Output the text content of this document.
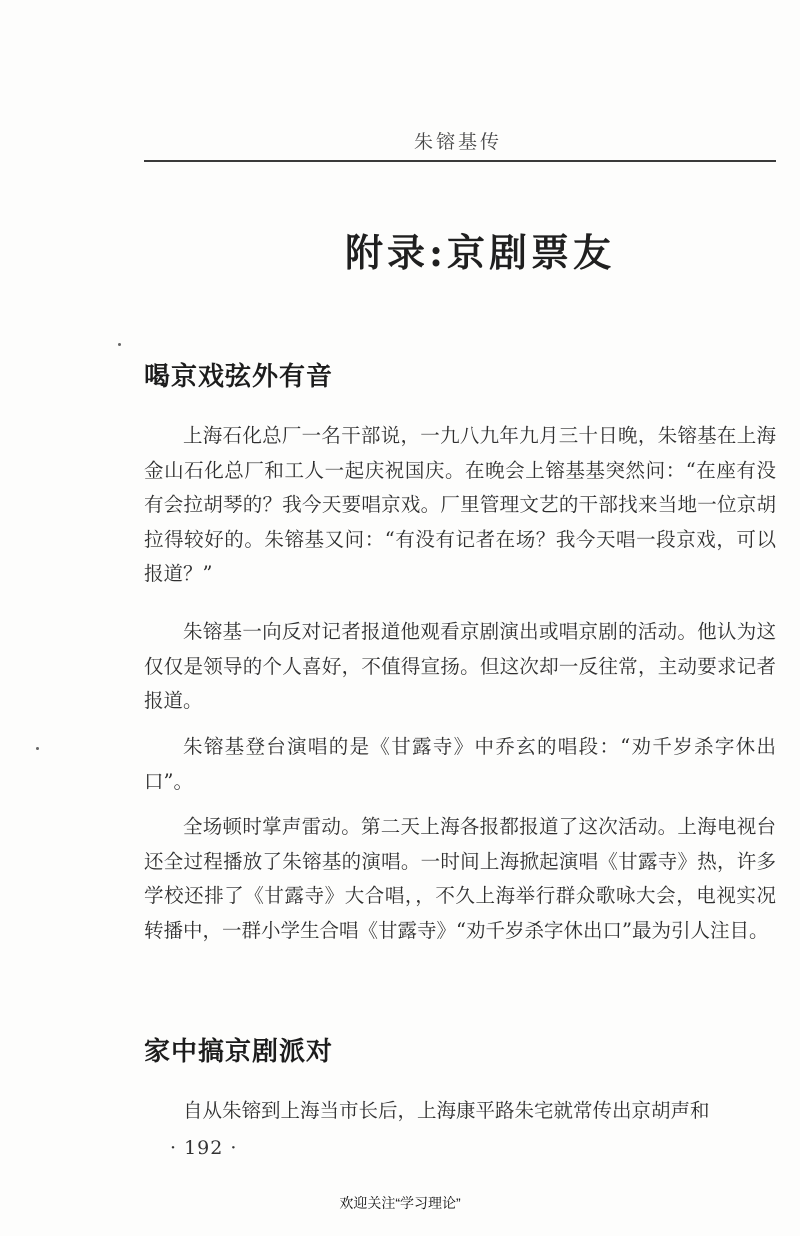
朱镕基传
附录:京剧票友
喝京戏弦外有音

上海石化总厂一名干部说，一九八九年九月三十日晚，朱镕基在上海金山石化总厂和工人一起庆祝国庆。在晚会上镕基基突然问：“在座有没有会拉胡琴的？我今天要唱京戏。厂里管理文艺的干部找来当地一位京胡拉得较好的。朱镕基又问：“有没有记者在场？我今天唱一段京戏，可以报道？”

朱镕基一向反对记者报道他观看京剧演出或唱京剧的活动。他认为这仅仅是领导的个人喜好，不值得宣扬。但这次却一反往常，主动要求记者报道。

朱镕基登台演唱的是《甘露寺》中乔玄的唱段：“劝千岁杀字休出口”。

全场顿时掌声雷动。第二天上海各报都报道了这次活动。上海电视台还全过程播放了朱镕基的演唱。一时间上海掀起演唱《甘露寺》热，许多学校还排了《甘露寺》大合唱，，不久上海举行群众歌咏大会，电视实况转播中，一群小学生合唱《甘露寺》“劝千岁杀字休出口”最为引人注目。

家中搞京剧派对

自从朱镕到上海当市长后，上海康平路朱宅就常传出京胡声和

· 192 ·
欢迎关注“学习理论”
